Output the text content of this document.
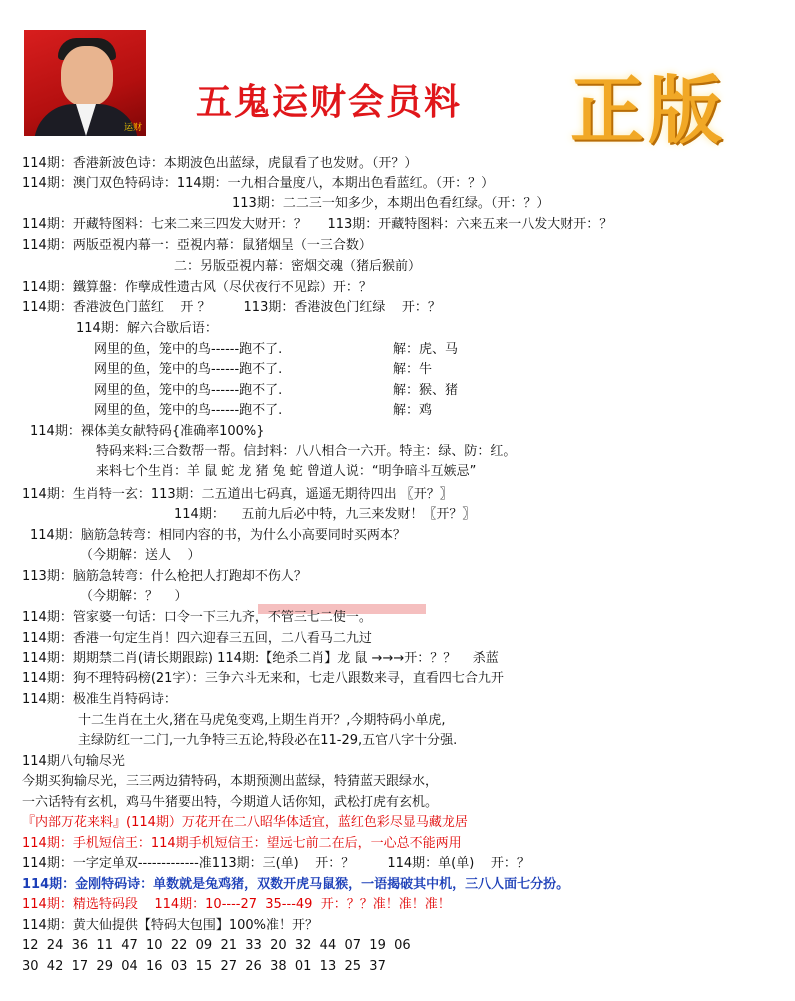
运财
五鬼运财会员料 正版
114期：香港新波色诗：本期波色出蓝绿，虎鼠看了也发财。（开？）
114期：澳门双色特码诗：114期：一九相合量度八，本期出色看蓝红。（开：？）
113期：二二三一知多少，本期出色看红绿。（开：？）
114期：开藏特图料：七来二来三四发大财开：？     113期：开藏特图料：六来五来一八发大财开：？
114期：两版亞視内幕一：亞視内幕：鼠猪烟呈（一三合数）
二：另版亞視内幕：密烟交魂（猪后猴前）
114期：鐵算盤：作孽成性遗古风（尽伏夜行不见踪）开：？
114期：香港波色门蓝红    开 ？        113期：香港波色门红绿    开：？
114期：解六合歇后语：
网里的鱼，笼中的鸟------跑不了.	解：虎、马
网里的鱼，笼中的鸟------跑不了.	解：牛
网里的鱼，笼中的鸟------跑不了.	解：猴、猪
网里的鱼，笼中的鸟------跑不了.	解：鸡
114期：裸体美女献特码{准确率100%}
特码来料:三合数帮一帮。信封料：八八相合一六开。特主：绿、防：红。
来料七个生肖：羊 鼠 蛇 龙 猪 兔 蛇 曾道人说：“明争暗斗互嫉忌”
114期：生肖特一玄：113期：二五道出七码真，遥遥无期待四出 〖开？〗
114期：    五前九后必中特，九三来发财！〖开？〗
114期：脑筋急转弯：相同内容的书，为什么小高要同时买两本？
（今期解：送人    ）
113期：脑筋急转弯：什么枪把人打跑却不伤人？
（今期解：？    ）
114期：管家婆一句话：口令一下三九齐，不管三七二使一。
114期：香港一句定生肖！四六迎春三五回，二八看马二九过
114期：期期禁二肖(请长期跟踪) 114期:【绝杀二肖】龙 鼠 →→→开：？？    杀蓝
114期：狗不理特码榜(21字）：三争六斗无来和，七走八跟数来寻，直看四七合九开
114期：极准生肖特码诗：
十二生肖在土火,猪在马虎兔变鸡,上期生肖开？,今期特码小单虎,
主绿防红一二门,一九争特三五论,特段必在11-29,五官八字十分强.
114期八句输尽光
今期买狗输尽光，三三两边猜特码，本期预测出蓝绿，特猜蓝天跟绿水，
一六话特有玄机，鸡马牛猪要出特，今期道人话你知，武松打虎有玄机。
『内部万花来料』(114期）万花开在二八昭华体适宜，蓝红色彩尽显马藏龙居
114期：手机短信王：114期手机短信王：望远七前二在后，一心总不能两用
114期：一字定单双-------------准113期：三(单)    开：？        114期：单(单)    开：？
114期：金刚特码诗：单数就是兔鸡猪，双数开虎马鼠猴，一语揭破其中机，三八人面七分扮。
114期：精选特码段    114期：10----27  35---49  开：？？准！准！准！
114期：黄大仙提供【特码大包围】100%准！开？
12  24  36  11  47  10  22  09  21  33  20  32  44  07  19  06
30  42  17  29  04  16  03  15  27  26  38  01  13  25  37
